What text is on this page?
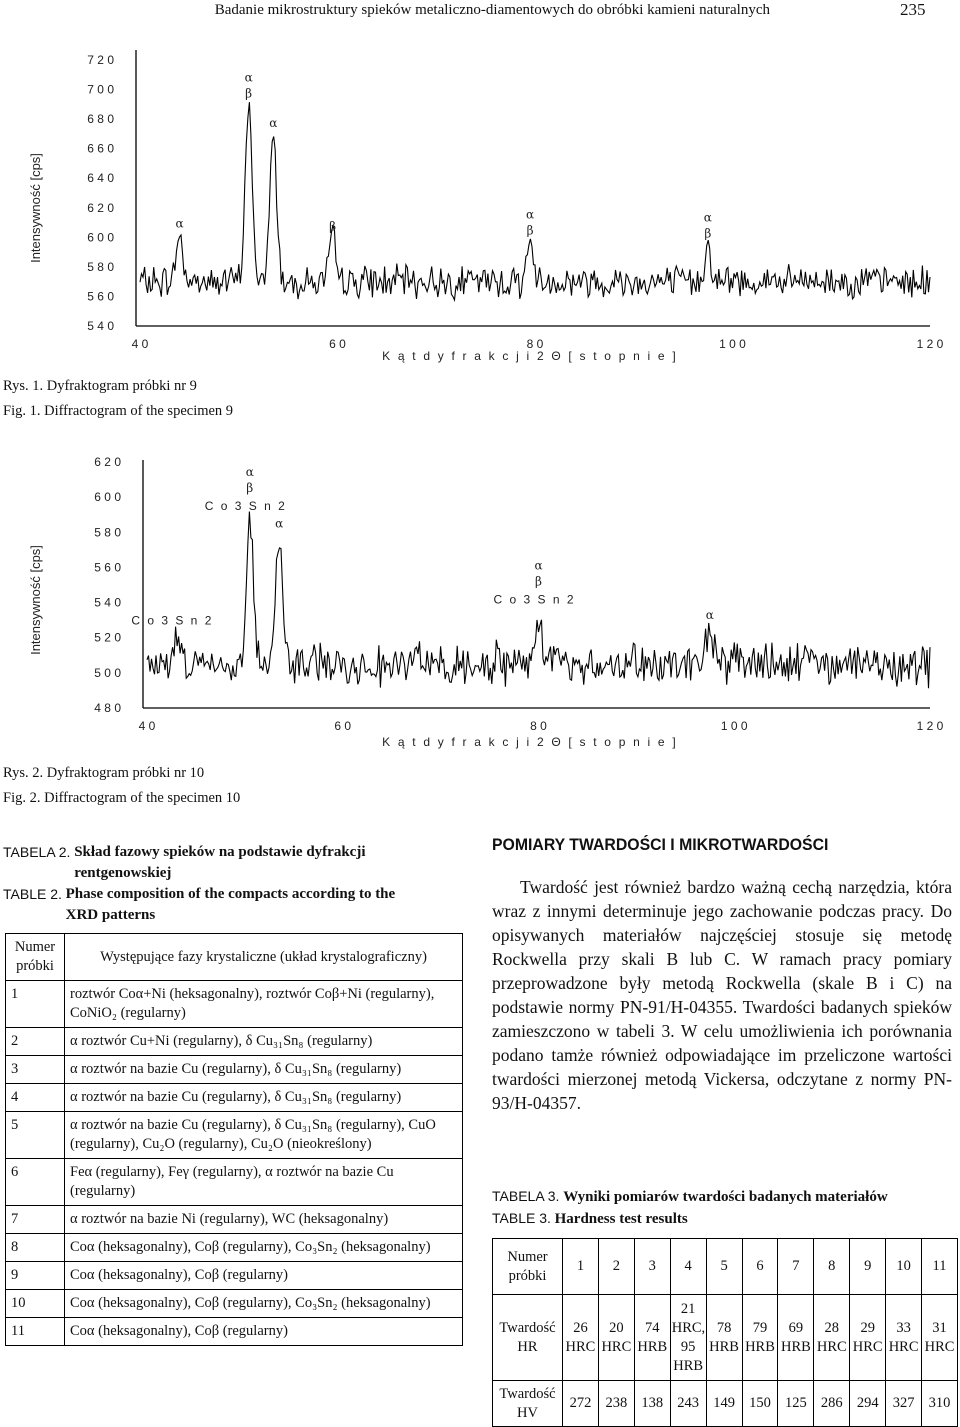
Badanie mikrostruktury spieków metaliczno-diamentowych do obróbki kamieni naturalnych	235
7 2 0
7 0 0
6 8 0
6 6 0
6 4 0
6 2 0
6 0 0
5 8 0
5 6 0
5 4 0
Intensywność [cps]
4 0	6 0	8 0	1 0 0	1 2 0
α
α
β
α
β
α
β
α
β
K ą t d y f r a k c j i 2 Θ [ s t o p n i e ]
Rys. 1. Dyfraktogram próbki nr 9
Fig. 1. Diffractogram of the specimen 9
6 2 0
6 0 0
5 8 0
5 6 0
5 4 0
5 2 0
5 0 0
4 8 0
Intensywność [cps]
4 0	6 0	8 0	1 0 0	1 2 0
C o 3 S n 2
α
β
C o 3 S n 2
α
α
β
C o 3 S n 2
α
K ą t d y f r a k c j i 2 Θ [ s t o p n i e ]
Rys. 2. Dyfraktogram próbki nr 10
Fig. 2. Diffractogram of the specimen 10
TABELA 2. Skład fazowy spieków na podstawie dyfrakcji rentgenowskiej
TABLE 2. Phase composition of the compacts according to the XRD patterns
Numer próbki	Występujące fazy krystaliczne (układ krystalograficzny)
1	roztwór Coα+Ni (heksagonalny), roztwór Coβ+Ni (regularny), CoNiO₂ (regularny)
2	α roztwór Cu+Ni (regularny), δ Cu₃₁Sn₈ (regularny)
3	α roztwór na bazie Cu (regularny), δ Cu₃₁Sn₈ (regularny)
4	α roztwór na bazie Cu (regularny), δ Cu₃₁Sn₈ (regularny)
5	α roztwór na bazie Cu (regularny), δ Cu₃₁Sn₈ (regularny), CuO (regularny), Cu₂O (regularny), Cu₂O (nieokreślony)
6	Feα (regularny), Feγ (regularny), α roztwór na bazie Cu (regularny)
7	α roztwór na bazie Ni (regularny), WC (heksagonalny)
8	Coα (heksagonalny), Coβ (regularny), Co₃Sn₂ (heksagonalny)
9	Coα (heksagonalny), Coβ (regularny)
10	Coα (heksagonalny), Coβ (regularny), Co₃Sn₂ (heksagonalny)
11	Coα (heksagonalny), Coβ (regularny)
POMIARY TWARDOŚCI I MIKROTWARDOŚCI
Twardość jest również bardzo ważną cechą narzędzia, która wraz z innymi determinuje jego zachowanie podczas pracy. Do opisywanych materiałów najczęściej stosuje się metodę Rockwella przy skali B lub C. W ramach pracy pomiary przeprowadzone były metodą Rockwella (skale B i C) na podstawie normy PN-91/H-04355. Twardości badanych spieków zamieszczono w tabeli 3. W celu umożliwienia ich porównania podano tamże również odpowiadające im przeliczone wartości twardości mierzonej metodą Vickersa, odczytane z normy PN-93/H-04357.
TABELA 3. Wyniki pomiarów twardości badanych materiałów
TABLE 3. Hardness test results
Numer próbki	1	2	3	4	5	6	7	8	9	10	11
Twardość HR	26 HRC	20 HRC	74 HRB	21 HRC, 95 HRB	78 HRB	79 HRB	69 HRB	28 HRC	29 HRC	33 HRC	31 HRC
Twardość HV	272	238	138	243	149	150	125	286	294	327	310
